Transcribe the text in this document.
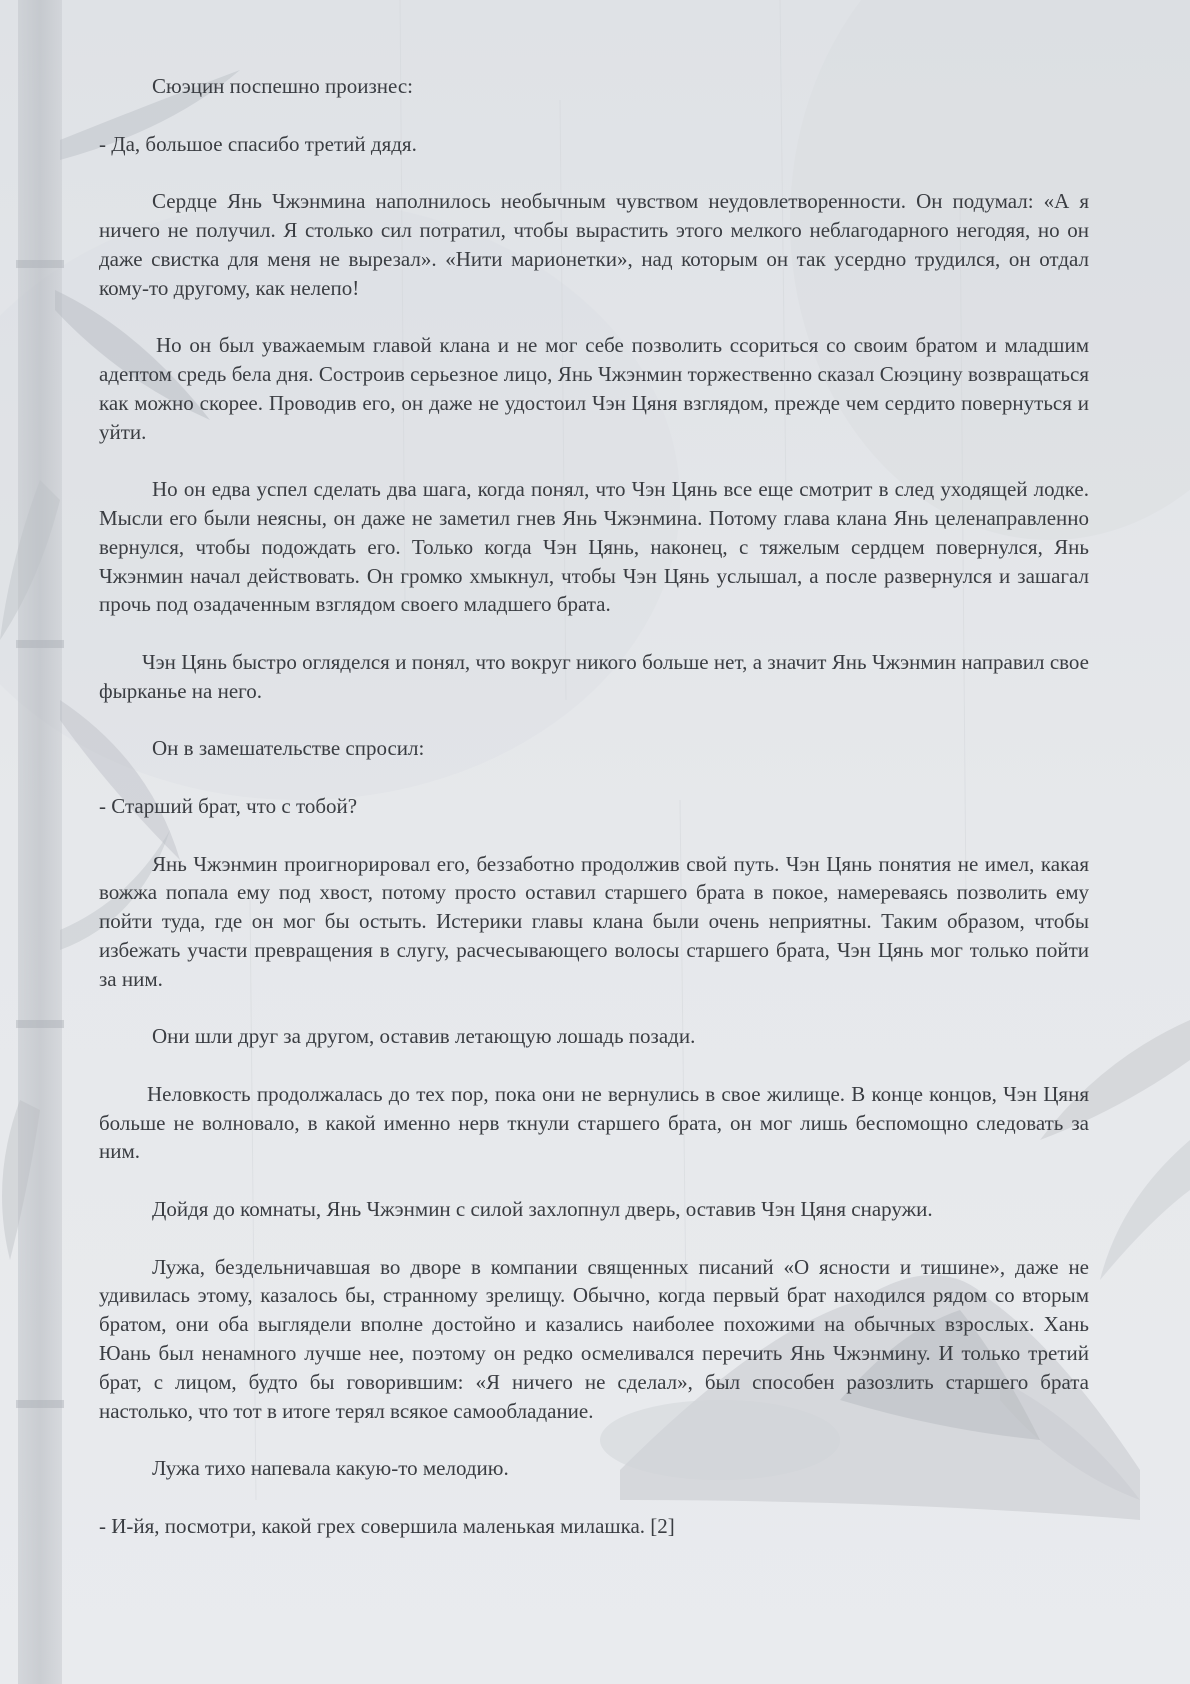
Сюэцин поспешно произнес:

- Да, большое спасибо третий дядя.

Сердце Янь Чжэнмина наполнилось необычным чувством неудовлетворенности. Он подумал: «А я ничего не получил. Я столько сил потратил, чтобы вырастить этого мелкого неблагодарного негодяя, но он даже свистка для меня не вырезал». «Нити марионетки», над которым он так усердно трудился, он отдал кому-то другому, как нелепо!

Но он был уважаемым главой клана и не мог себе позволить ссориться со своим братом и младшим адептом средь бела дня. Состроив серьезное лицо, Янь Чжэнмин торжественно сказал Сюэцину возвращаться как можно скорее. Проводив его, он даже не удостоил Чэн Цяня взглядом, прежде чем сердито повернуться и уйти.

Но он едва успел сделать два шага, когда понял, что Чэн Цянь все еще смотрит в след уходящей лодке. Мысли его были неясны, он даже не заметил гнев Янь Чжэнмина. Потому глава клана Янь целенаправленно вернулся, чтобы подождать его. Только когда Чэн Цянь, наконец, с тяжелым сердцем повернулся, Янь Чжэнмин начал действовать. Он громко хмыкнул, чтобы Чэн Цянь услышал, а после развернулся и зашагал прочь под озадаченным взглядом своего младшего брата.

Чэн Цянь быстро огляделся и понял, что вокруг никого больше нет, а значит Янь Чжэнмин направил свое фырканье на него.

Он в замешательстве спросил:

- Старший брат, что с тобой?

Янь Чжэнмин проигнорировал его, беззаботно продолжив свой путь. Чэн Цянь понятия не имел, какая вожжа попала ему под хвост, потому просто оставил старшего брата в покое, намереваясь позволить ему пойти туда, где он мог бы остыть. Истерики главы клана были очень неприятны. Таким образом, чтобы избежать участи превращения в слугу, расчесывающего волосы старшего брата, Чэн Цянь мог только пойти за ним.

Они шли друг за другом, оставив летающую лошадь позади.

Неловкость продолжалась до тех пор, пока они не вернулись в свое жилище. В конце концов, Чэн Цяня больше не волновало, в какой именно нерв ткнули старшего брата, он мог лишь беспомощно следовать за ним.

Дойдя до комнаты, Янь Чжэнмин с силой захлопнул дверь, оставив Чэн Цяня снаружи.

Лужа, бездельничавшая во дворе в компании священных писаний «О ясности и тишине», даже не удивилась этому, казалось бы, странному зрелищу. Обычно, когда первый брат находился рядом со вторым братом, они оба выглядели вполне достойно и казались наиболее похожими на обычных взрослых. Хань Юань был ненамного лучше нее, поэтому он редко осмеливался перечить Янь Чжэнмину. И только третий брат, с лицом, будто бы говорившим: «Я ничего не сделал», был способен разозлить старшего брата настолько, что тот в итоге терял всякое самообладание.

Лужа тихо напевала какую-то мелодию.

- И-йя, посмотри, какой грех совершила маленькая милашка. [2]
